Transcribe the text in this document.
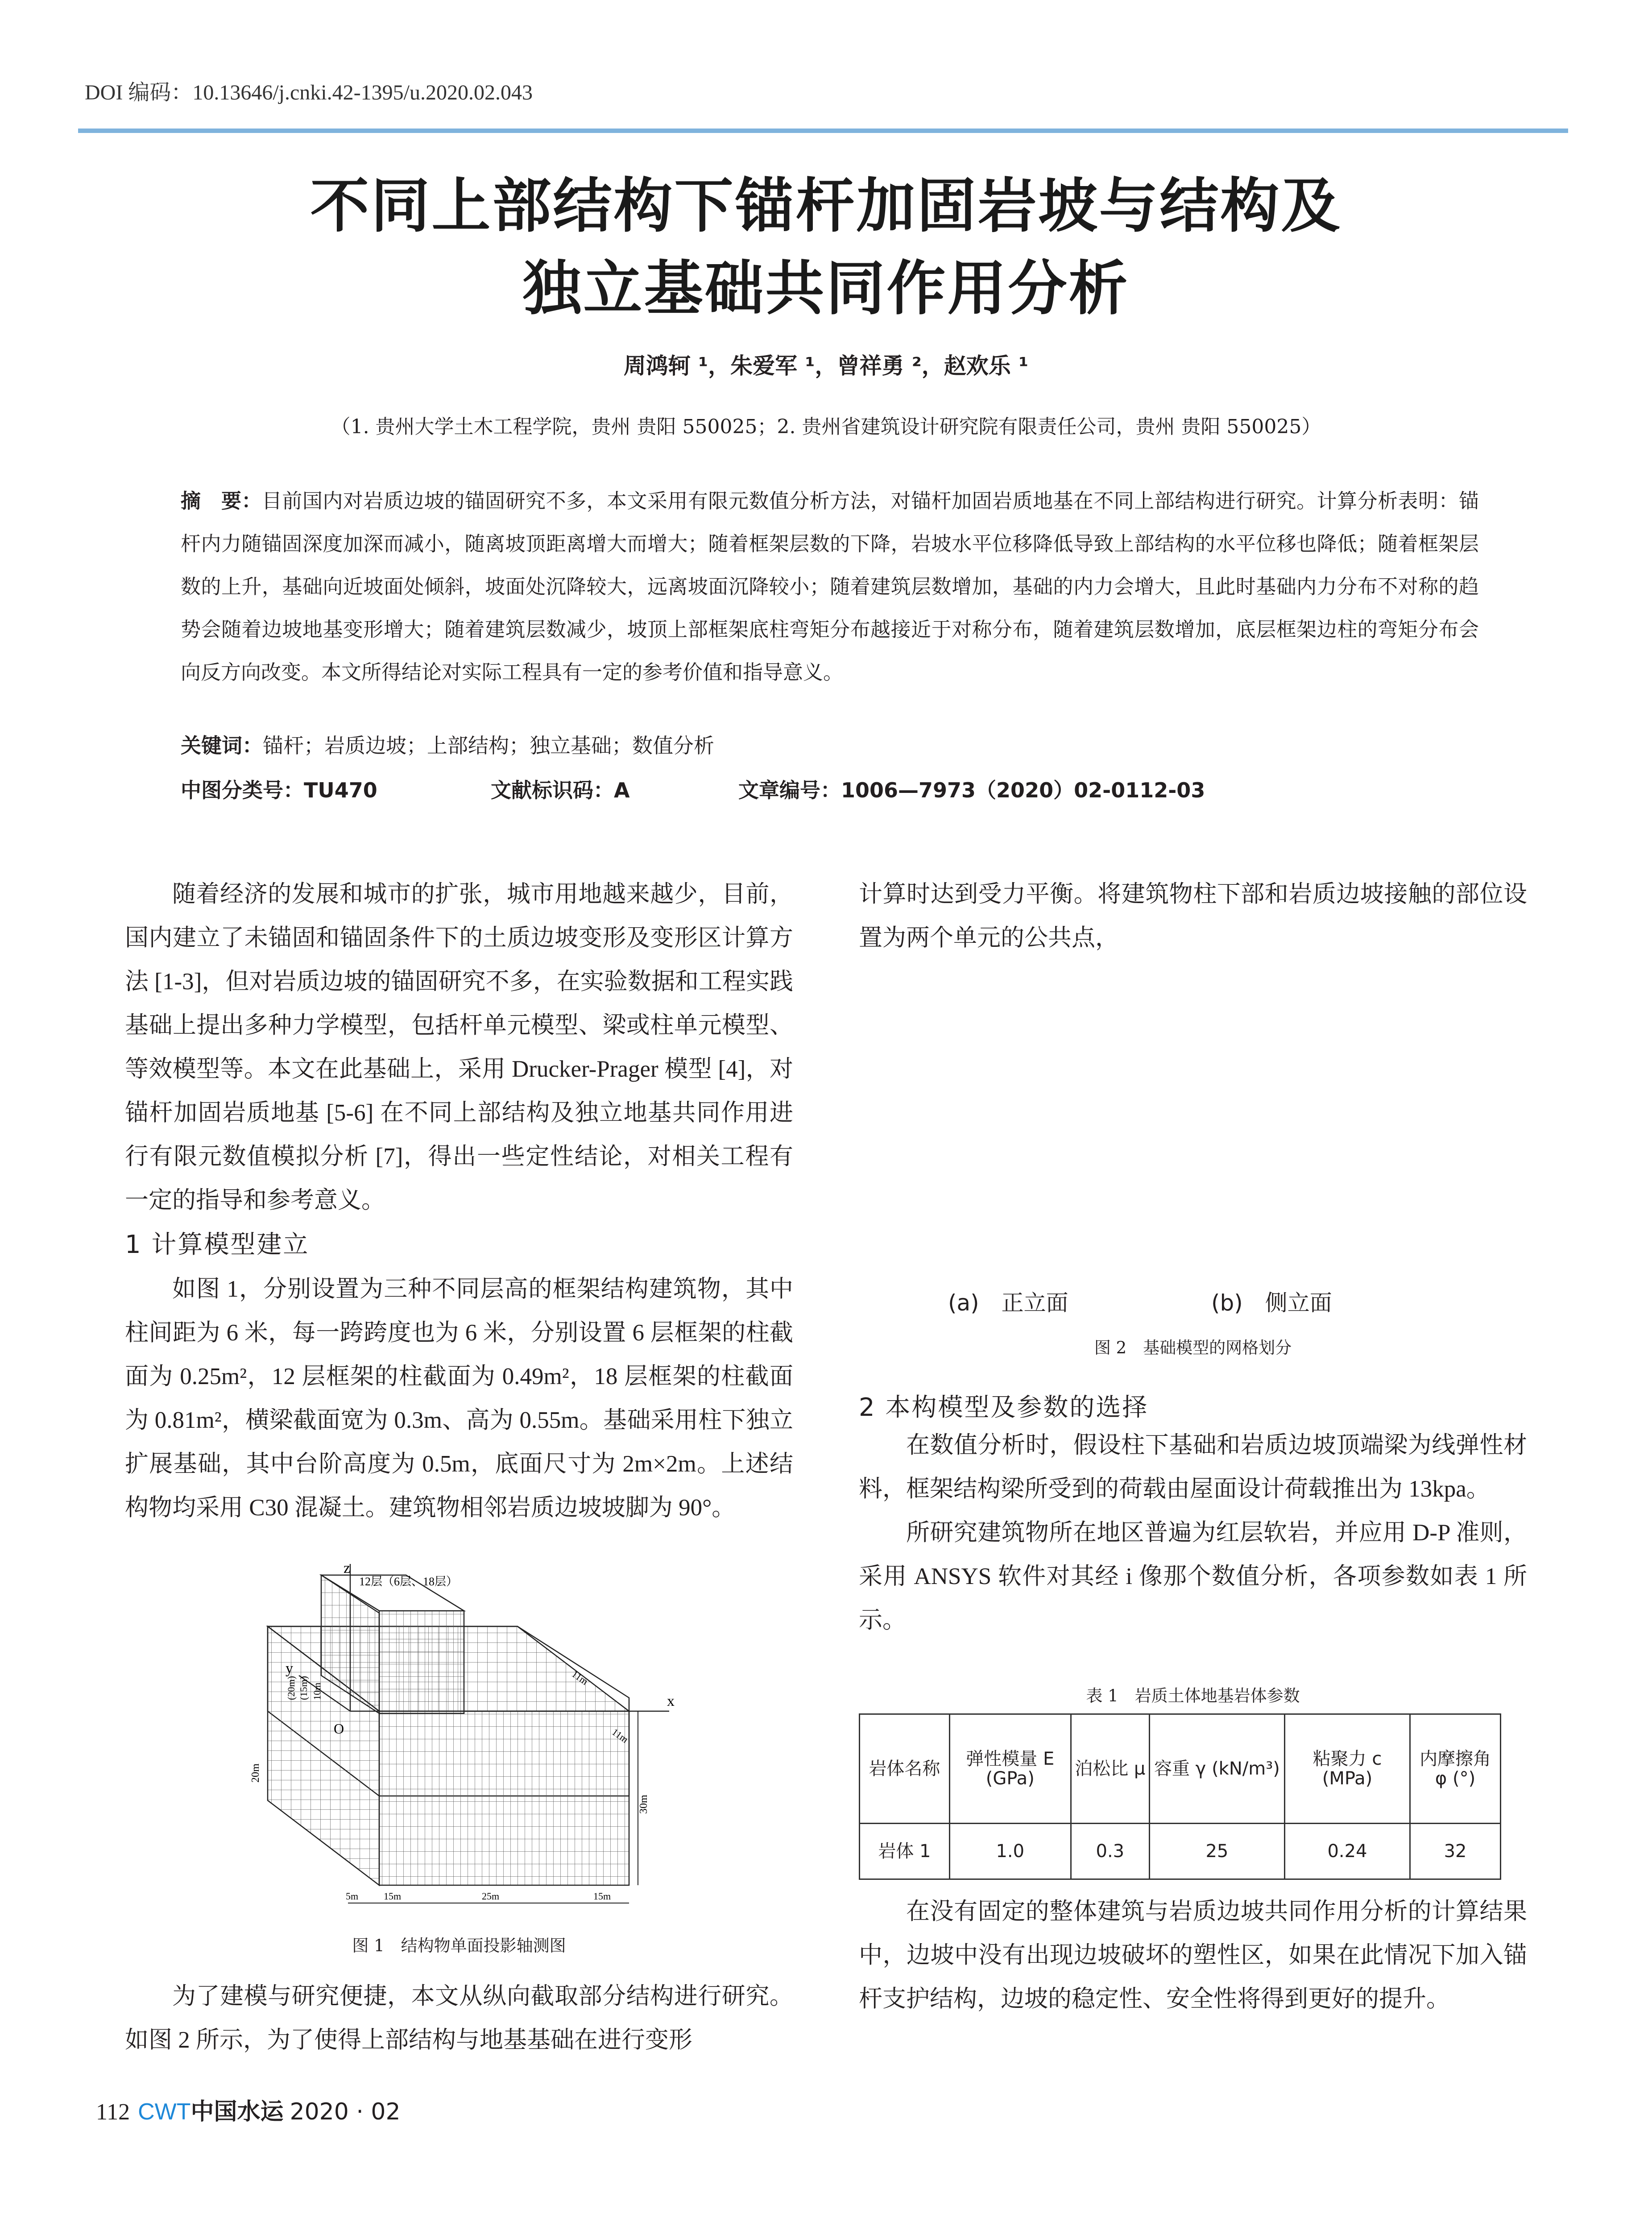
DOI 编码：10.13646/j.cnki.42-1395/u.2020.02.043
不同上部结构下锚杆加固岩坡与结构及
独立基础共同作用分析
周鸿轲 ¹，朱爱军 ¹，曾祥勇 ²，赵欢乐 ¹
（1. 贵州大学土木工程学院，贵州 贵阳 550025；2. 贵州省建筑设计研究院有限责任公司，贵州 贵阳 550025）
摘　要：目前国内对岩质边坡的锚固研究不多，本文采用有限元数值分析方法，对锚杆加固岩质地基在不同上部结构进行研究。计算分析表明：锚杆内力随锚固深度加深而减小，随离坡顶距离增大而增大；随着框架层数的下降，岩坡水平位移降低导致上部结构的水平位移也降低；随着框架层数的上升，基础向近坡面处倾斜，坡面处沉降较大，远离坡面沉降较小；随着建筑层数增加，基础的内力会增大，且此时基础内力分布不对称的趋势会随着边坡地基变形增大；随着建筑层数减少，坡顶上部框架底柱弯矩分布越接近于对称分布，随着建筑层数增加，底层框架边柱的弯矩分布会向反方向改变。本文所得结论对实际工程具有一定的参考价值和指导意义。
关键词：锚杆；岩质边坡；上部结构；独立基础；数值分析
中图分类号：TU470	文献标识码：A	文章编号：1006—7973（2020）02-0112-03

随着经济的发展和城市的扩张，城市用地越来越少，目前，国内建立了未锚固和锚固条件下的土质边坡变形及变形区计算方法 [1-3]，但对岩质边坡的锚固研究不多，在实验数据和工程实践基础上提出多种力学模型，包括杆单元模型、梁或柱单元模型、等效模型等。本文在此基础上，采用 Drucker-Prager 模型 [4]，对锚杆加固岩质地基 [5-6] 在不同上部结构及独立地基共同作用进行有限元数值模拟分析 [7]，得出一些定性结论，对相关工程有一定的指导和参考意义。

1 计算模型建立

如图 1，分别设置为三种不同层高的框架结构建筑物，其中柱间距为 6 米，每一跨跨度也为 6 米，分别设置 6 层框架的柱截面为 0.25m²，12 层框架的柱截面为 0.49m²，18 层框架的柱截面为 0.81m²，横梁截面宽为 0.3m、高为 0.55m。基础采用柱下独立扩展基础，其中台阶高度为 0.5m，底面尺寸为 2m×2m。上述结构物均采用 C30 混凝土。建筑物相邻岩质边坡坡脚为 90°。

z
y
x
O
12层（6层、18层）
(20m) (15m) 10m
20m
30m
11m
11m
5m	15m	25m	15m
图 1　结构物单面投影轴测图

为了建模与研究便捷，本文从纵向截取部分结构进行研究。如图 2 所示，为了使得上部结构与地基基础在进行变形

计算时达到受力平衡。将建筑物柱下部和岩质边坡接触的部位设置为两个单元的公共点，

(a)　正立面	(b)　侧立面
图 2　基础模型的网格划分
2 本构模型及参数的选择

在数值分析时，假设柱下基础和岩质边坡顶端梁为线弹性材料，框架结构梁所受到的荷载由屋面设计荷载推出为 13kpa。

所研究建筑物所在地区普遍为红层软岩，并应用 D-P 准则，采用 ANSYS 软件对其经 i 像那个数值分析，各项参数如表 1 所示。

表 1　岩质土体地基岩体参数
岩体名称	弹性模量 E (GPa)	泊松比 μ	容重 γ (kN/m³)	粘聚力 c (MPa)	内摩擦角 φ (°)
岩体 1	1.0	0.3	25	0.24	32

在没有固定的整体建筑与岩质边坡共同作用分析的计算结果中，边坡中没有出现边坡破坏的塑性区，如果在此情况下加入锚杆支护结构，边坡的稳定性、安全性将得到更好的提升。

112 CWT中国水运 2020 · 02
